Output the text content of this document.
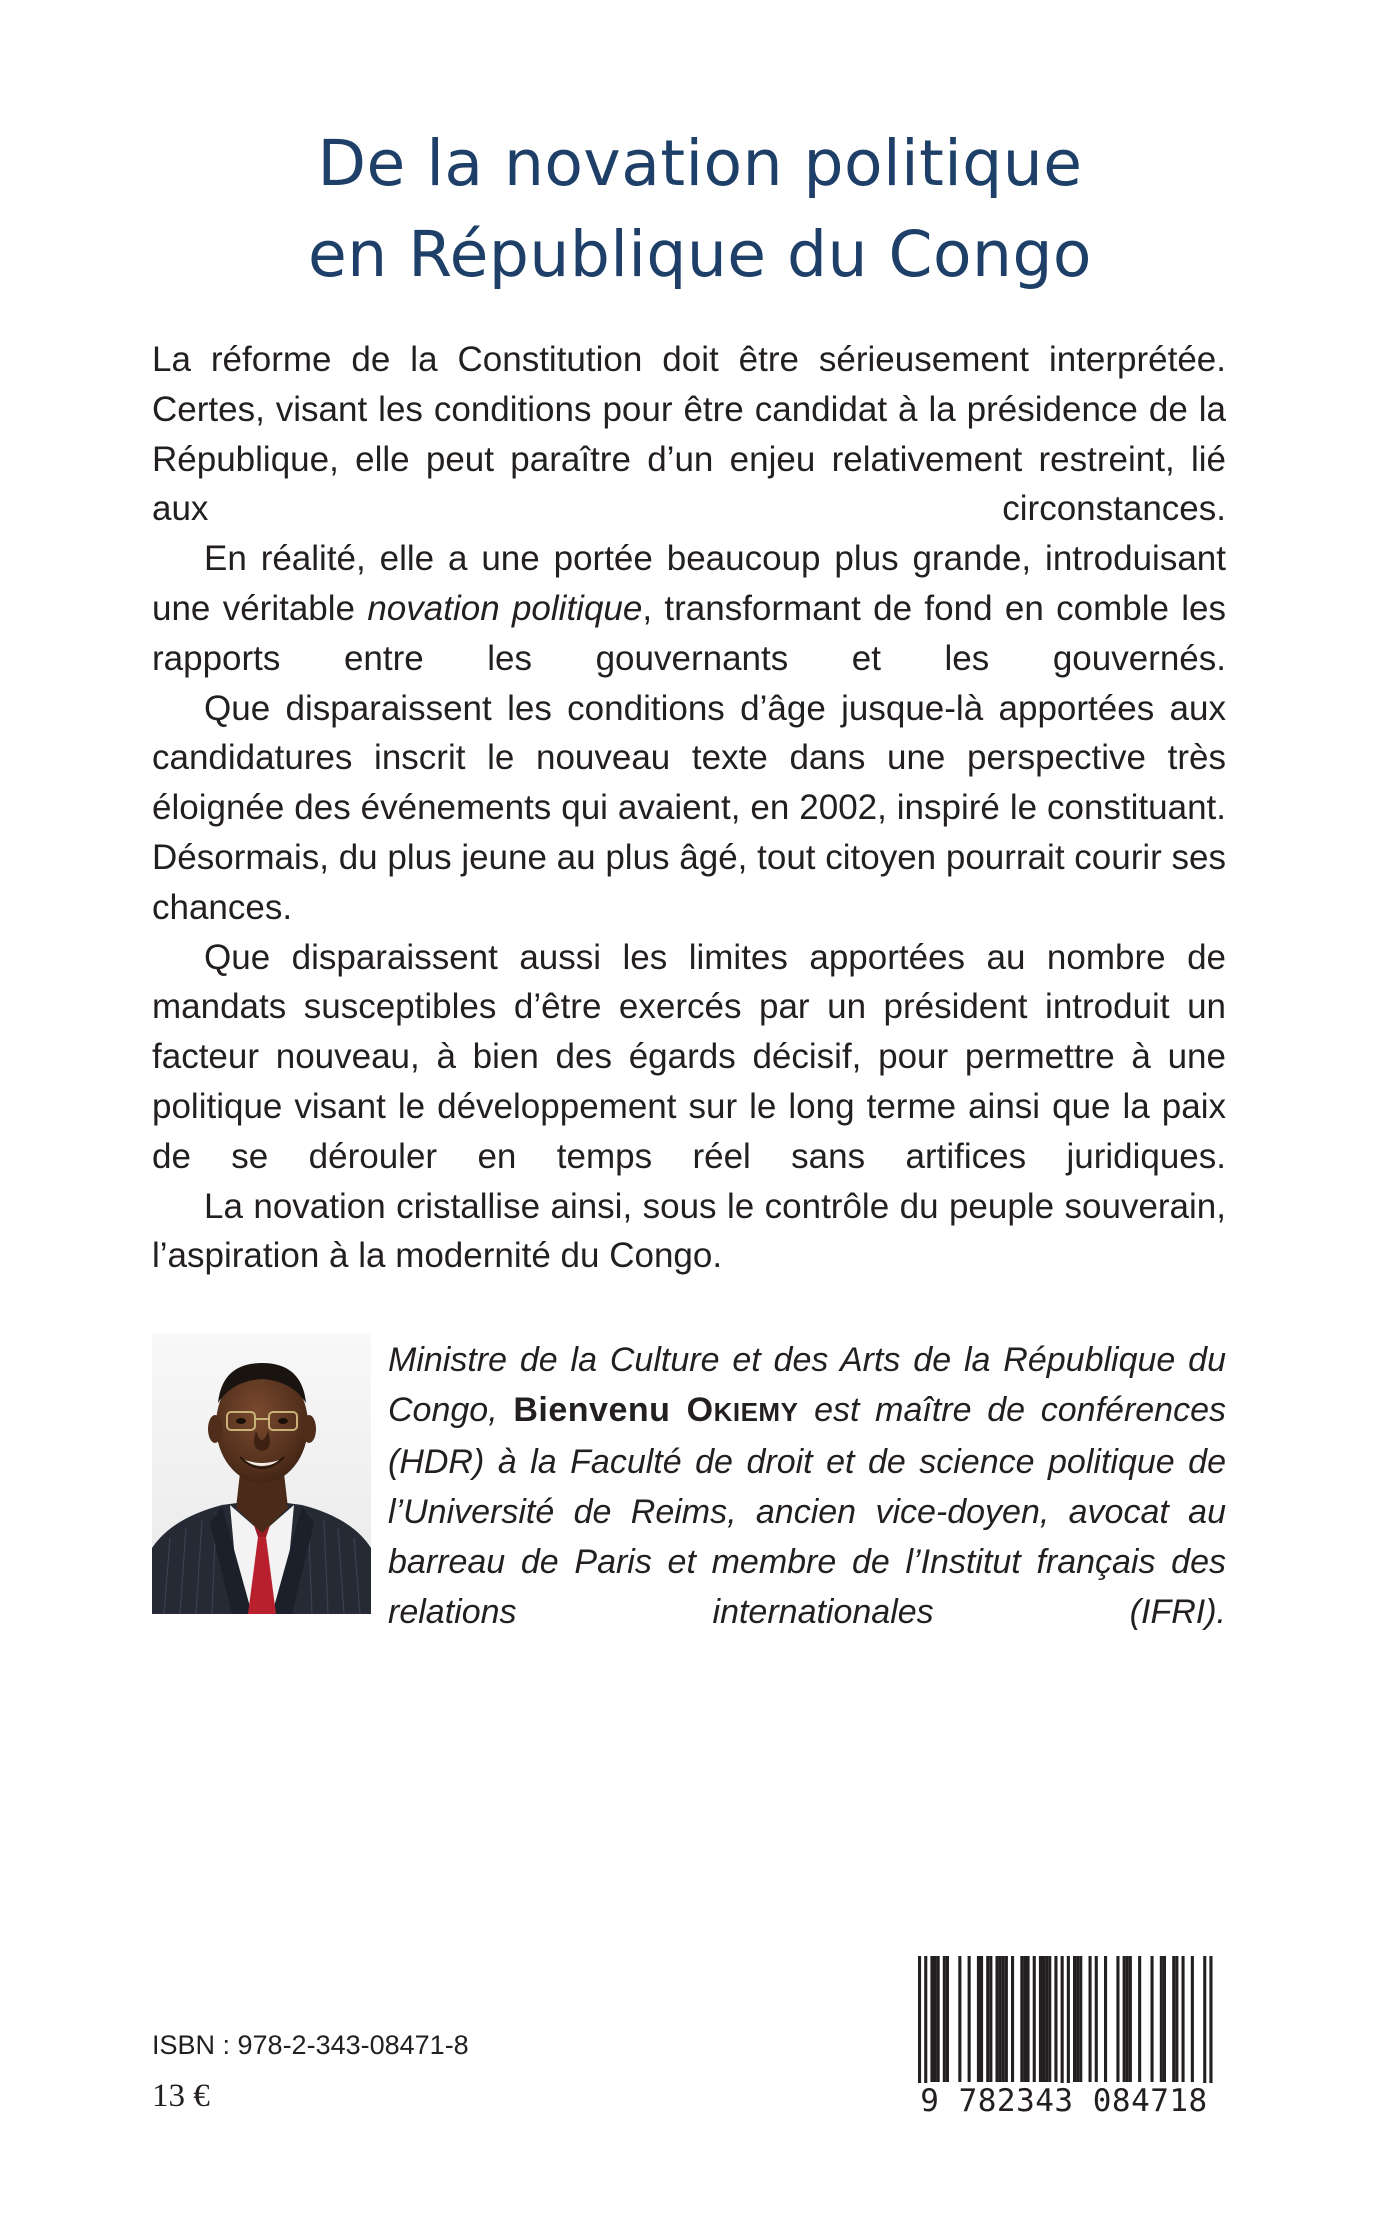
De la novation politique
en République du Congo

La réforme de la Constitution doit être sérieusement interprétée. Certes, visant les conditions pour être candidat à la présidence de la République, elle peut paraître d’un enjeu relativement restreint, lié aux circonstances.

En réalité, elle a une portée beaucoup plus grande, introduisant une véritable novation politique, transformant de fond en comble les rapports entre les gouvernants et les gouvernés.

Que disparaissent les conditions d’âge jusque-là apportées aux candidatures inscrit le nouveau texte dans une perspective très éloignée des événements qui avaient, en 2002, inspiré le constituant. Désormais, du plus jeune au plus âgé, tout citoyen pourrait courir ses chances.

Que disparaissent aussi les limites apportées au nombre de mandats susceptibles d’être exercés par un président introduit un facteur nouveau, à bien des égards décisif, pour permettre à une politique visant le développement sur le long terme ainsi que la paix de se dérouler en temps réel sans artifices juridiques.

La novation cristallise ainsi, sous le contrôle du peuple souverain, l’aspiration à la modernité du Congo.

Ministre de la Culture et des Arts de la République du Congo, Bienvenu OKIEMY est maître de conférences (HDR) à la Faculté de droit et de science politique de l’Université de Reims, ancien vice-doyen, avocat au barreau de Paris et membre de l’Institut français des relations internationales (IFRI).
ISBN : 978-2-343-08471-8
13 €	9 782343 084718
